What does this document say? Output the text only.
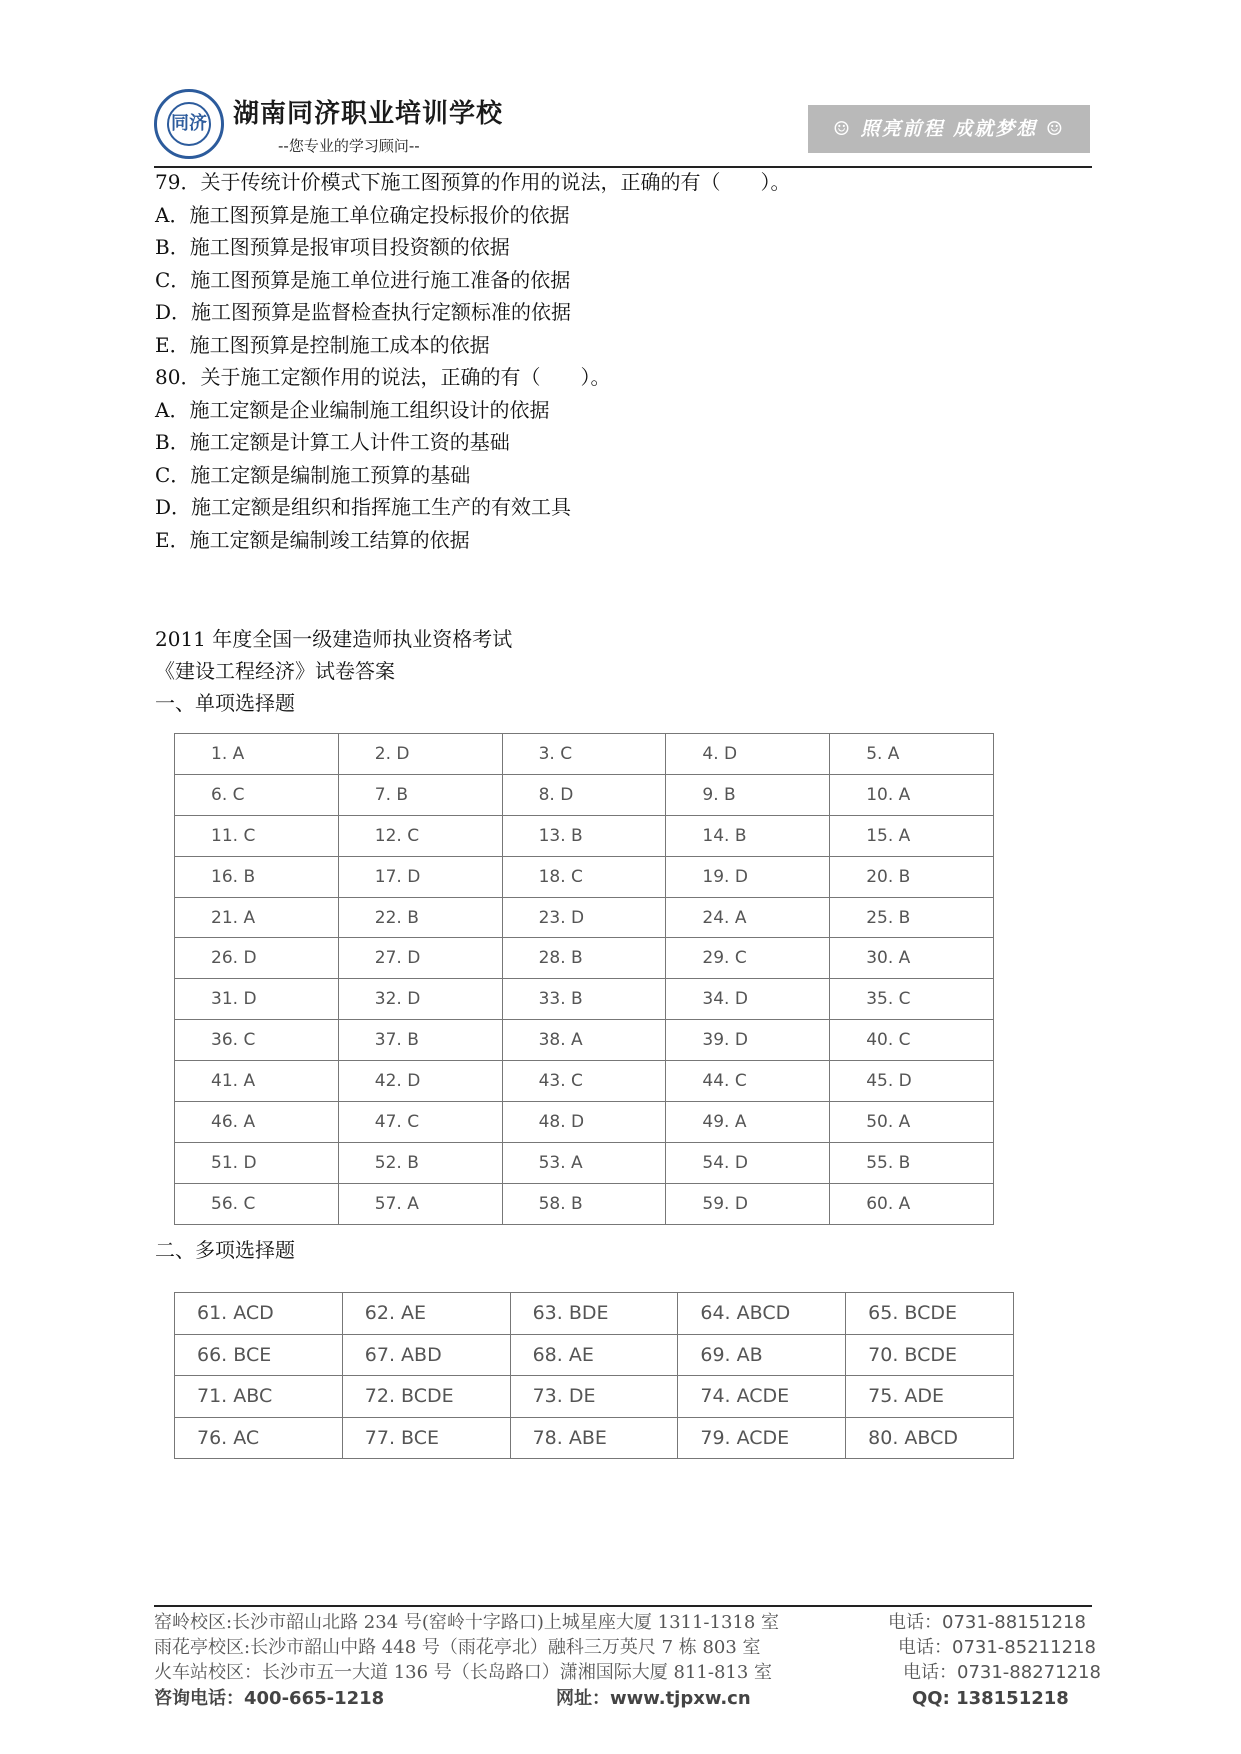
同济 湖南同济职业培训学校
--您专业的学习顾问--
☺ 照亮前程 成就梦想 ☺
79．关于传统计价模式下施工图预算的作用的说法，正确的有（　　）。
A．施工图预算是施工单位确定投标报价的依据
B．施工图预算是报审项目投资额的依据
C．施工图预算是施工单位进行施工准备的依据
D．施工图预算是监督检查执行定额标准的依据
E．施工图预算是控制施工成本的依据
80．关于施工定额作用的说法，正确的有（　　）。
A．施工定额是企业编制施工组织设计的依据
B．施工定额是计算工人计件工资的基础
C．施工定额是编制施工预算的基础
D．施工定额是组织和指挥施工生产的有效工具
E．施工定额是编制竣工结算的依据
2011 年度全国一级建造师执业资格考试
《建设工程经济》试卷答案
一、单项选择题
1. A	2. D	3. C	4. D	5. A
6. C	7. B	8. D	9. B	10. A
11. C	12. C	13. B	14. B	15. A
16. B	17. D	18. C	19. D	20. B
21. A	22. B	23. D	24. A	25. B
26. D	27. D	28. B	29. C	30. A
31. D	32. D	33. B	34. D	35. C
36. C	37. B	38. A	39. D	40. C
41. A	42. D	43. C	44. C	45. D
46. A	47. C	48. D	49. A	50. A
51. D	52. B	53. A	54. D	55. B
56. C	57. A	58. B	59. D	60. A
二、多项选择题
61. ACD	62. AE	63. BDE	64. ABCD	65. BCDE
66. BCE	67. ABD	68. AE	69. AB	70. BCDE
71. ABC	72. BCDE	73. DE	74. ACDE	75. ADE
76. AC	77. BCE	78. ABE	79. ACDE	80. ABCD
窑岭校区:长沙市韶山北路 234 号(窑岭十字路口)上城星座大厦 1311-1318 室	电话：0731-88151218
雨花亭校区:长沙市韶山中路 448 号（雨花亭北）融科三万英尺 7 栋 803 室	电话：0731-85211218
火车站校区：长沙市五一大道 136 号（长岛路口）潇湘国际大厦 811-813 室	电话：0731-88271218
咨询电话：400-665-1218	网址：www.tjpxw.cn	QQ: 138151218
